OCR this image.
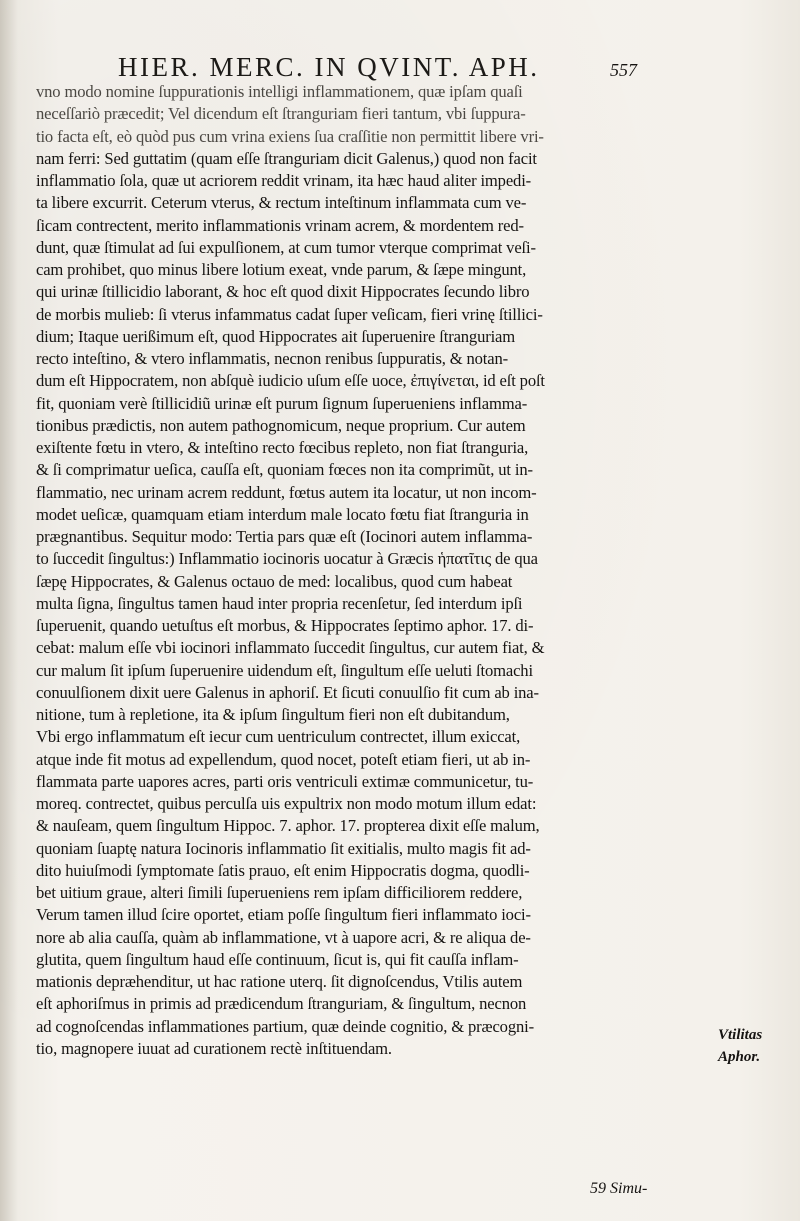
HIER. MERC. IN QVINT. APH.	557
vno modo nomine ſuppurationis intelligi inflammationem, quæ ipſam quaſi
neceſſariò præcedit; Vel dicendum eſt ſtranguriam fieri tantum, vbi ſuppura-
tio facta eſt, eò quòd pus cum vrina exiens ſua craſſitie non permittit libere vri-
nam ferri: Sed guttatim (quam eſſe ſtranguriam dicit Galenus,) quod non facit
inflammatio ſola, quæ ut acriorem reddit vrinam, ita hæc haud aliter impedi-
ta libere excurrit. Ceterum vterus, & rectum inteſtinum inflammata cum ve-
ſicam contrectent, merito inflammationis vrinam acrem, & mordentem red-
dunt, quæ ſtimulat ad ſui expulſionem, at cum tumor vterque comprimat veſi-
cam prohibet, quo minus libere lotium exeat, vnde parum, & ſæpe mingunt,
qui urinæ ſtillicidio laborant, & hoc eſt quod dixit Hippocrates ſecundo libro
de morbis mulieb: ſi vterus infammatus cadat ſuper veſicam, fieri vrinę ſtillici-
dium; Itaque uerißimum eſt, quod Hippocrates ait ſuperuenire ſtranguriam
recto inteſtino, & vtero inflammatis, necnon renibus ſuppuratis, & notan-
dum eſt Hippocratem, non abſquè iudicio uſum eſſe uoce, ἐπιγίνεται, id eſt poſt
fit, quoniam verè ſtillicidiũ urinæ eſt purum ſignum ſuperueniens inflamma-
tionibus prædictis, non autem pathognomicum, neque proprium. Cur autem
exiſtente fœtu in vtero, & inteſtino recto fœcibus repleto, non fiat ſtranguria,
& ſi comprimatur ueſica, cauſſa eſt, quoniam fœces non ita comprimũt, ut in-
flammatio, nec urinam acrem reddunt, fœtus autem ita locatur, ut non incom-
modet ueſicæ, quamquam etiam interdum male locato fœtu fiat ſtranguria in
prægnantibus. Sequitur modo: Tertia pars quæ eſt (Iocinori autem inflamma-
to ſuccedit ſingultus:) Inflammatio iocinoris uocatur à Græcis ἡπατῖτις de qua
ſæpę Hippocrates, & Galenus octauo de med: localibus, quod cum habeat
multa ſigna, ſingultus tamen haud inter propria recenſetur, ſed interdum ipſi
ſuperuenit, quando uetuſtus eſt morbus, & Hippocrates ſeptimo aphor. 17. di-
cebat: malum eſſe vbi iocinori inflammato ſuccedit ſingultus, cur autem fiat, &
cur malum ſit ipſum ſuperuenire uidendum eſt, ſingultum eſſe ueluti ſtomachi
conuulſionem dixit uere Galenus in aphoriſ. Et ſicuti conuulſio fit cum ab ina-
nitione, tum à repletione, ita & ipſum ſingultum fieri non eſt dubitandum,
Vbi ergo inflammatum eſt iecur cum uentriculum contrectet, illum exiccat,
atque inde fit motus ad expellendum, quod nocet, poteſt etiam fieri, ut ab in-
flammata parte uapores acres, parti oris ventriculi extimæ communicetur, tu-
moreq. contrectet, quibus perculſa uis expultrix non modo motum illum edat:
& nauſeam, quem ſingultum Hippoc. 7. aphor. 17. propterea dixit eſſe malum,
quoniam ſuaptę natura Iocinoris inflammatio ſit exitialis, multo magis fit ad-
dito huiuſmodi ſymptomate ſatis prauo, eſt enim Hippocratis dogma, quodli-
bet uitium graue, alteri ſimili ſuperueniens rem ipſam difficiliorem reddere,
Verum tamen illud ſcire oportet, etiam poſſe ſingultum fieri inflammato ioci-
nore ab alia cauſſa, quàm ab inflammatione, vt à uapore acri, & re aliqua de-
glutita, quem ſingultum haud eſſe continuum, ſicut is, qui fit cauſſa inflam-
mationis depræhenditur, ut hac ratione uterq. ſit dignoſcendus, Vtilis autem
eſt aphoriſmus in primis ad prædicendum ſtranguriam, & ſingultum, necnon
ad cognoſcendas inflammationes partium, quæ deinde cognitio, & præcogni-
tio, magnopere iuuat ad curationem rectè inſtituendam.
Vtilitas
Aphor.
59 Simu-
